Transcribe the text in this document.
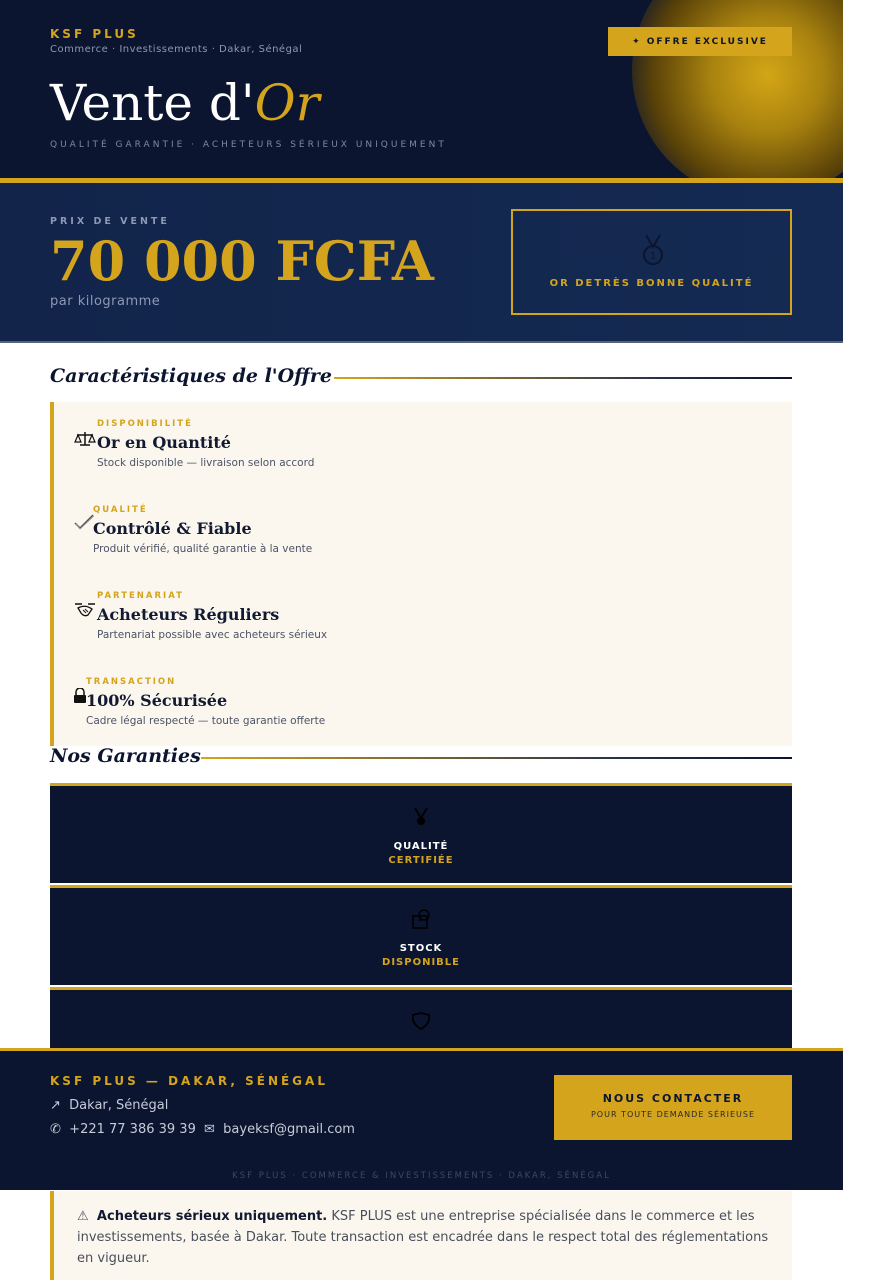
KSF PLUS
Commerce · Investissements · Dakar, Sénégal
Vente d'Or
QUALITÉ GARANTIE · ACHETEURS SÉRIEUX UNIQUEMENT
✦ OFFRE EXCLUSIVE
PRIX DE VENTE
70 000 FCFA
par kilogramme
1
OR DETRÈS BONNE QUALITÉ
Caractéristiques de l'Offre
DISPONIBILITÉ
Or en Quantité
Stock disponible — livraison selon accord
QUALITÉ
Contrôlé & Fiable
Produit vérifié, qualité garantie à la vente
PARTENARIAT
Acheteurs Réguliers
Partenariat possible avec acheteurs sérieux
TRANSACTION
100% Sécurisée
Cadre légal respecté — toute garantie offerte
Nos Garanties
QUALITÉ
CERTIFIÉE
STOCK
DISPONIBLE
KSF PLUS — DAKAR, SÉNÉGAL
↗ Dakar, Sénégal
✆ +221 77 386 39 39 ✉ bayeksf@gmail.com
NOUS CONTACTER
POUR TOUTE DEMANDE SÉRIEUSE
KSF PLUS · COMMERCE & INVESTISSEMENTS · DAKAR, SÉNÉGAL
⚠ Acheteurs sérieux uniquement. KSF PLUS est une entreprise spécialisée dans le commerce et les investissements, basée à Dakar. Toute transaction est encadrée dans le respect total des réglementations en vigueur.
